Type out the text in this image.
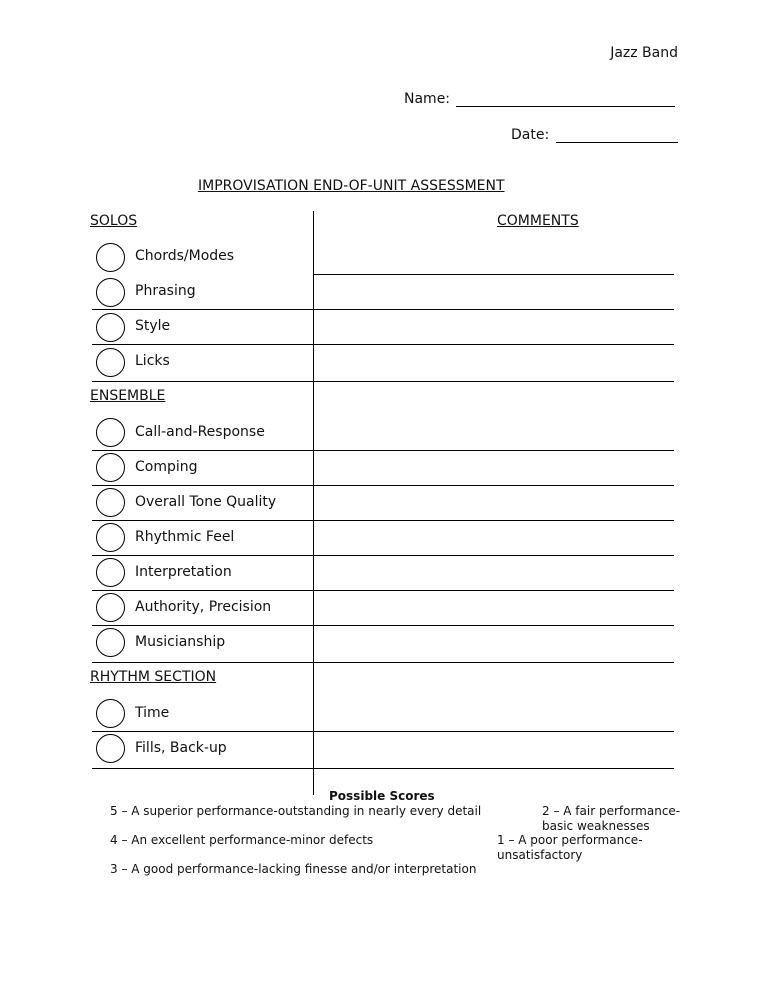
Jazz Band
Name:
Date:
IMPROVISATION END-OF-UNIT ASSESSMENT
SOLOS	COMMENTS
Chords/Modes
Phrasing
Style
Licks
ENSEMBLE
Call-and-Response
Comping
Overall Tone Quality
Rhythmic Feel
Interpretation
Authority, Precision
Musicianship
RHYTHM SECTION
Time
Fills, Back-up
Possible Scores
5 – A superior performance-outstanding in nearly every detail	2 – A fair performance-basic weaknesses
4 – An excellent performance-minor defects	1 – A poor performance-unsatisfactory
3 – A good performance-lacking finesse and/or interpretation
